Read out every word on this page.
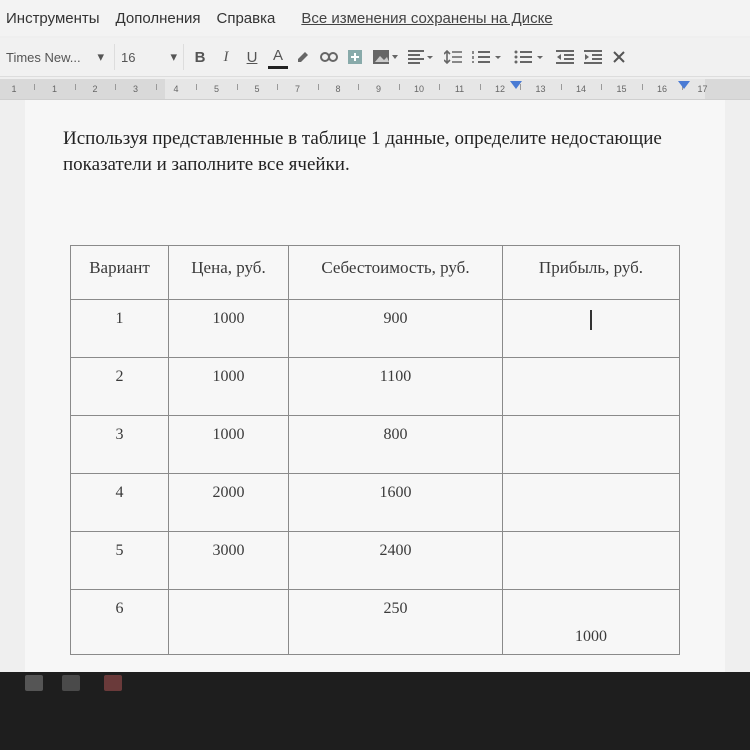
Инструменты Дополнения Справка Все изменения сохранены на Диске
Times New... ▾ 16	▾	B	I	U	A
1	1	2	3	4	5	5	7	8	9	10	11	12	13	14	15	16	17
Используя представленные в таблице 1 данные, определите недостающие показатели и заполните все ячейки.
Вариант	Цена, руб.	Себестоимость, руб.	Прибыль, руб.
1	1000	900	
2	1000	1100	
3	1000	800	
4	2000	1600	
5	3000	2400	
6		250	1000
